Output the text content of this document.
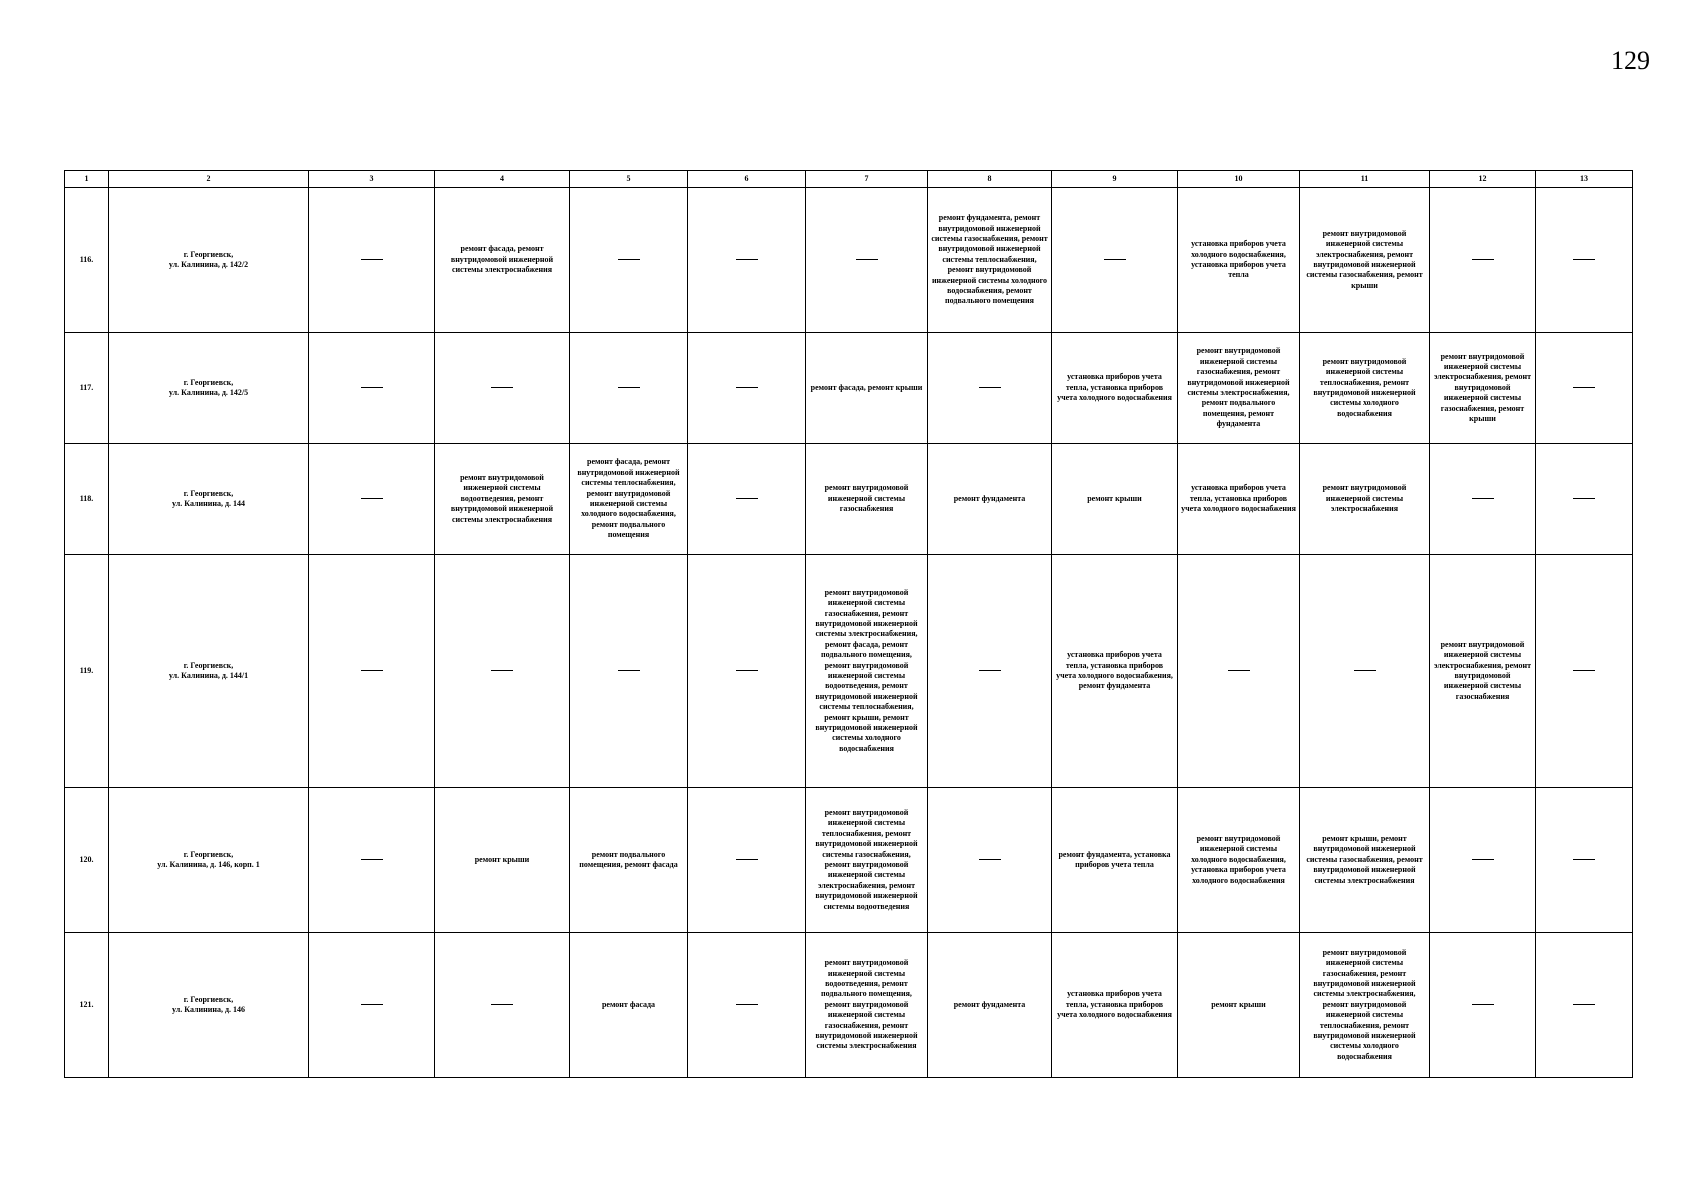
129
1	2	3	4	5	6	7	8	9	10	11	12	13
116.	г. Георгиевск,
ул. Калинина, д. 142/2		ремонт фасада, ремонт внутридомовой инженерной системы электроснабжения				ремонт фундамента, ремонт внутридомовой инженерной системы газоснабжения, ремонт внутридомовой инженерной системы теплоснабжения, ремонт внутридомовой инженерной системы холодного водоснабжения, ремонт подвального помещения		установка приборов учета холодного водоснабжения, установка приборов учета тепла	ремонт внутридомовой инженерной системы электроснабжения, ремонт внутридомовой инженерной системы газоснабжения, ремонт крыши		
117.	г. Георгиевск,
ул. Калинина, д. 142/5					ремонт фасада, ремонт крыши		установка приборов учета тепла, установка приборов учета холодного водоснабжения	ремонт внутридомовой инженерной системы газоснабжения, ремонт внутридомовой инженерной системы электроснабжения, ремонт подвального помещения, ремонт фундамента	ремонт внутридомовой инженерной системы теплоснабжения, ремонт внутридомовой инженерной системы холодного водоснабжения	ремонт внутридомовой инженерной системы электроснабжения, ремонт внутридомовой инженерной системы газоснабжения, ремонт крыши	
118.	г. Георгиевск,
ул. Калинина, д. 144		ремонт внутридомовой инженерной системы водоотведения, ремонт внутридомовой инженерной системы электроснабжения	ремонт фасада, ремонт внутридомовой инженерной системы теплоснабжения, ремонт внутридомовой инженерной системы холодного водоснабжения, ремонт подвального помещения		ремонт внутридомовой инженерной системы газоснабжения	ремонт фундамента	ремонт крыши	установка приборов учета тепла, установка приборов учета холодного водоснабжения	ремонт внутридомовой инженерной системы электроснабжения		
119.	г. Георгиевск,
ул. Калинина, д. 144/1					ремонт внутридомовой инженерной системы газоснабжения, ремонт внутридомовой инженерной системы электроснабжения, ремонт фасада, ремонт подвального помещения, ремонт внутридомовой инженерной системы водоотведения, ремонт внутридомовой инженерной системы теплоснабжения, ремонт крыши, ремонт внутридомовой инженерной системы холодного водоснабжения		установка приборов учета тепла, установка приборов учета холодного водоснабжения, ремонт фундамента			ремонт внутридомовой инженерной системы электроснабжения, ремонт внутридомовой инженерной системы газоснабжения	
120.	г. Георгиевск,
ул. Калинина, д. 146, корп. 1		ремонт крыши	ремонт подвального помещения, ремонт фасада		ремонт внутридомовой инженерной системы теплоснабжения, ремонт внутридомовой инженерной системы газоснабжения, ремонт внутридомовой инженерной системы электроснабжения, ремонт внутридомовой инженерной системы водоотведения		ремонт фундамента, установка приборов учета тепла	ремонт внутридомовой инженерной системы холодного водоснабжения, установка приборов учета холодного водоснабжения	ремонт крыши, ремонт внутридомовой инженерной системы газоснабжения, ремонт внутридомовой инженерной системы электроснабжения		
121.	г. Георгиевск,
ул. Калинина, д. 146			ремонт фасада		ремонт внутридомовой инженерной системы водоотведения, ремонт подвального помещения, ремонт внутридомовой инженерной системы газоснабжения, ремонт внутридомовой инженерной системы электроснабжения	ремонт фундамента	установка приборов учета тепла, установка приборов учета холодного водоснабжения	ремонт крыши	ремонт внутридомовой инженерной системы газоснабжения, ремонт внутридомовой инженерной системы электроснабжения, ремонт внутридомовой инженерной системы теплоснабжения, ремонт внутридомовой инженерной системы холодного водоснабжения		
